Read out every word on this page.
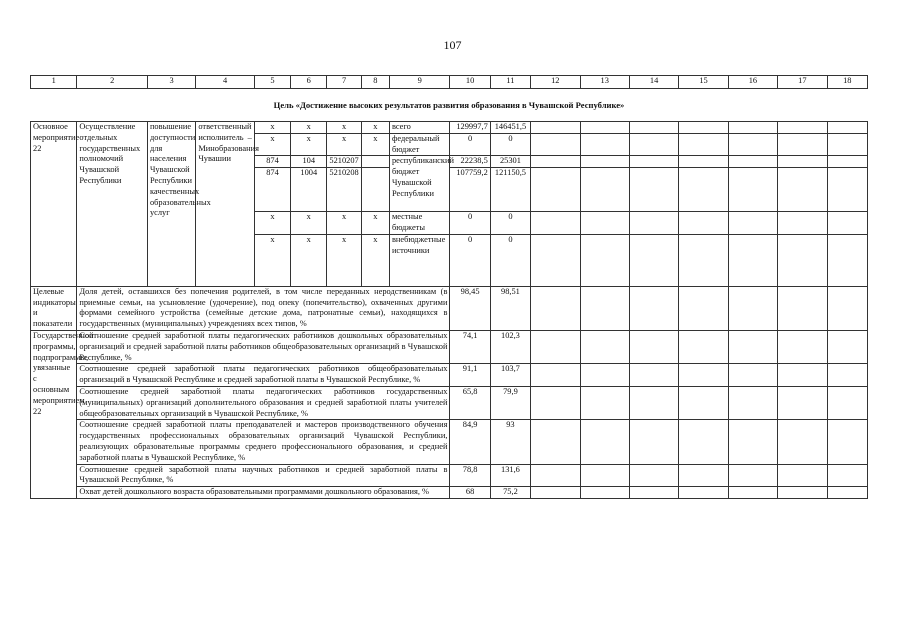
107
1	2	3	4	5	6	7	8	9	10	11	12	13	14	15	16	17	18
Цель «Достижение высоких результатов развития образования в Чувашской Республике»																	
Основное мероприятие 22	Осуществление отдельных государственных полномочий Чувашской Республики	повышение доступности для населения Чувашской Республики качественных образовательных услуг	ответственный исполнитель – Минобразования Чувашии	x	x	x	x	всего	129997,7	146451,5							
				x	x	x	x	федеральный бюджет	0	0							
				874	104	5210207		республиканский бюджет Чувашской Республики	22238,5	25301							
				874	1004	5210208			107759,2	121150,5							
				x	x	x	x	местные бюджеты	0	0							
				x	x	x	x	внебюджетные источники	0	0							
Целевые индикаторы и показатели	Доля детей, оставшихся без попечения родителей, в том числе переданных неродственникам (в приемные семьи, на усыновление (удочерение), под опеку (попечительство), охваченных другими формами семейного устройства (семейные детские дома, патронатные семьи), находящихся в государственных (муниципальных) учреждениях всех типов, %								98,45	98,51							
Государственной программы, подпрограммы, увязанные с основным мероприятием 22	Соотношение средней заработной платы педагогических работников дошкольных образовательных организаций и средней заработной платы работников общеобразовательных организаций в Чувашской Республике, %								74,1	102,3							
	Соотношение средней заработной платы педагогических работников общеобразовательных организаций в Чувашской Республике и средней заработной платы в Чувашской Республике, %								91,1	103,7							
	Соотношение средней заработной платы педагогических работников государственных (муниципальных) организаций дополнительного образования и средней заработной платы учителей общеобразовательных организаций в Чувашской Республике, %								65,8	79,9							
	Соотношение средней заработной платы преподавателей и мастеров производственного обучения государственных профессиональных образовательных организаций Чувашской Республики, реализующих образовательные программы среднего профессионального образования, и средней заработной платы в Чувашской Республике, %								84,9	93							
	Соотношение средней заработной платы научных работников и средней заработной платы в Чувашской Республике, %								78,8	131,6							
	Охват детей дошкольного возраста образовательными программами дошкольного образования, %								68	75,2							
